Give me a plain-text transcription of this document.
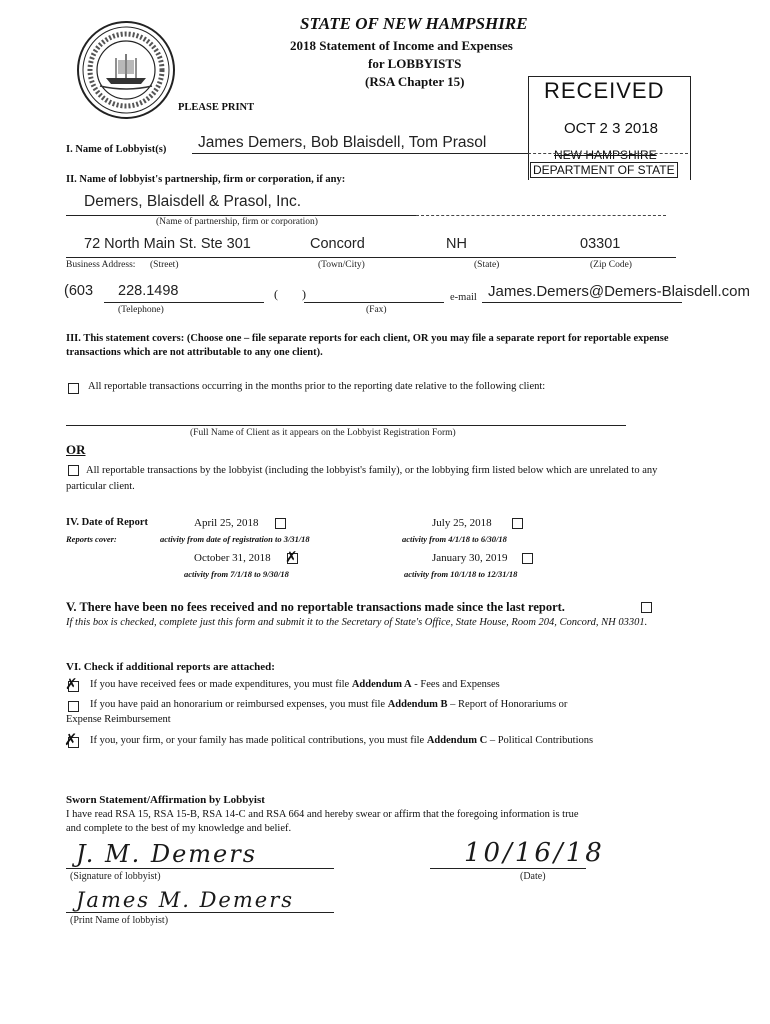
STATE OF NEW HAMPSHIRE
2018 Statement of Income and Expenses
for LOBBYISTS
(RSA Chapter 15)
PLEASE PRINT
RECEIVED
OCT 2 3 2018
NEW HAMPSHIRE
DEPARTMENT OF STATE
I. Name of Lobbyist(s) James Demers, Bob Blaisdell, Tom Prasol
II. Name of lobbyist's partnership, firm or corporation, if any:
Demers, Blaisdell & Prasol, Inc.
(Name of partnership, firm or corporation)
72 North Main St. Ste 301	Concord	NH	03301
Business Address: (Street)	(Town/City)	(State)	(Zip Code)
(603 228.1498
(Telephone)
(        )
(Fax)
e-mail James.Demers@Demers-Blaisdell.com
III. This statement covers: (Choose one – file separate reports for each client, OR you may file a separate report for reportable expense transactions which are not attributable to any one client).
All reportable transactions occurring in the months prior to the reporting date relative to the following client:
(Full Name of Client as it appears on the Lobbyist Registration Form)
OR
All reportable transactions by the lobbyist (including the lobbyist's family), or the lobbying firm listed below which are unrelated to any particular client.
IV. Date of Report
Reports cover:
April 25, 2018
activity from date of registration to 3/31/18
July 25, 2018
activity from 4/1/18 to 6/30/18
October 31, 2018 ✗
activity from 7/1/18 to 9/30/18
January 30, 2019
activity from 10/1/18 to 12/31/18
V. There have been no fees received and no reportable transactions made since the last report.
If this box is checked, complete just this form and submit it to the Secretary of State's Office, State House, Room 204, Concord, NH 03301.
VI. Check if additional reports are attached:
✗ If you have received fees or made expenditures, you must file Addendum A - Fees and Expenses
If you have paid an honorarium or reimbursed expenses, you must file Addendum B – Report of Honorariums or
Expense Reimbursement
✗ If you, your firm, or your family has made political contributions, you must file Addendum C – Political Contributions
Sworn Statement/Affirmation by Lobbyist
I have read RSA 15, RSA 15-B, RSA 14-C and RSA 664 and hereby swear or affirm that the foregoing information is true
and complete to the best of my knowledge and belief.
J. M. Demers
(Signature of lobbyist)
10/16/18
(Date)
James M. Demers
(Print Name of lobbyist)
